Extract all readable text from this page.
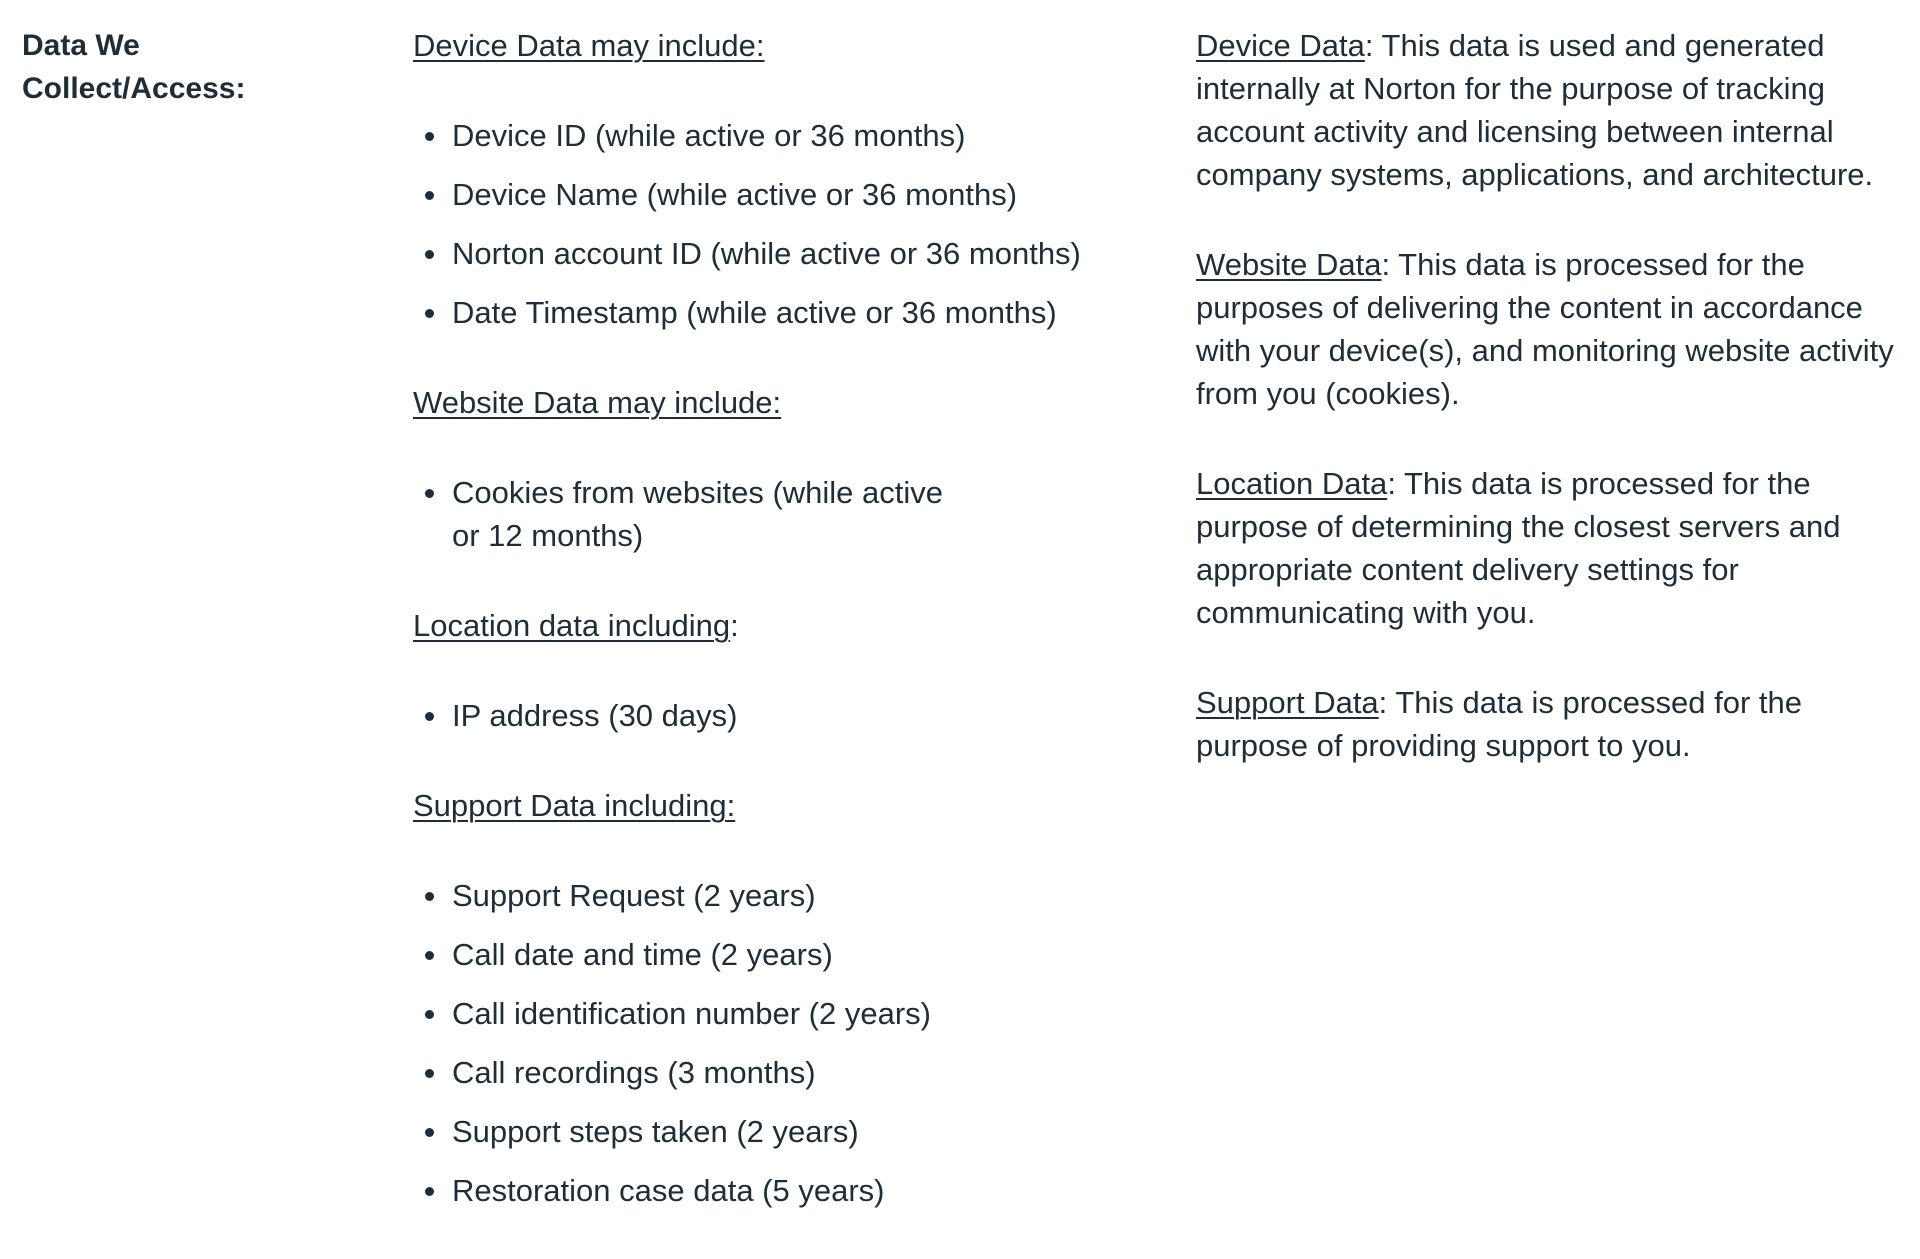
Data We
Collect/Access:
Device Data may include:
Device ID (while active or 36 months)
Device Name (while active or 36 months)
Norton account ID (while active or 36 months)
Date Timestamp (while active or 36 months)
Website Data may include:
Cookies from websites (while active or 12 months)
Location data including:
IP address (30 days)
Support Data including:
Support Request (2 years)
Call date and time (2 years)
Call identification number (2 years)
Call recordings (3 months)
Support steps taken (2 years)
Restoration case data (5 years)

Device Data: This data is used and generated internally at Norton for the purpose of tracking account activity and licensing between internal company systems, applications, and architecture.

Website Data: This data is processed for the purposes of delivering the content in accordance with your device(s), and monitoring website activity from you (cookies).

Location Data: This data is processed for the purpose of determining the closest servers and appropriate content delivery settings for communicating with you.

Support Data: This data is processed for the purpose of providing support to you.
